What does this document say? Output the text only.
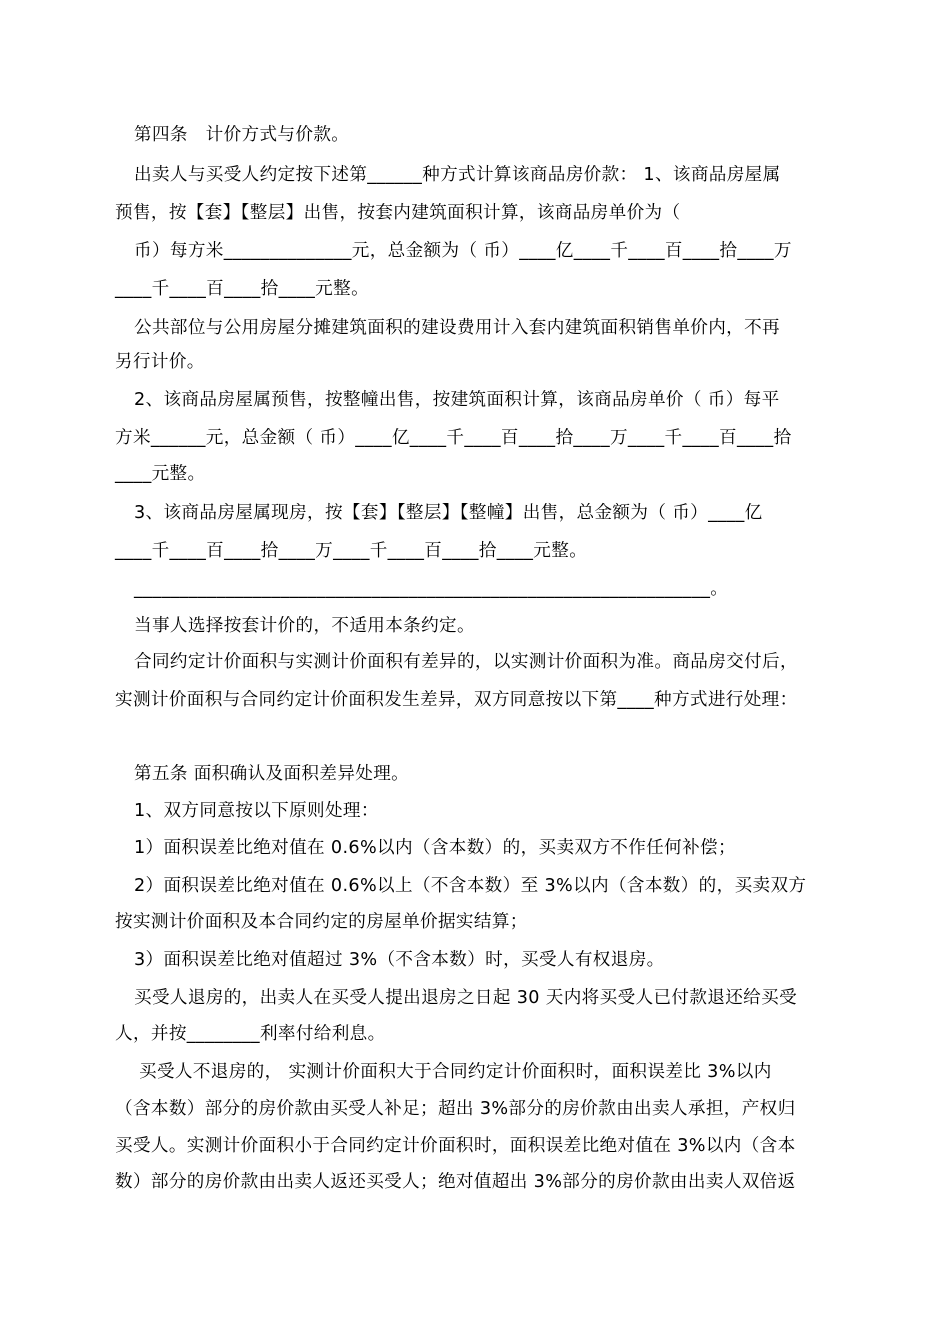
第四条   计价方式与价款。
出卖人与买受人约定按下述第______种方式计算该商品房价款： 1、该商品房屋属
预售，按【套】【整层】出售，按套内建筑面积计算，该商品房单价为（
币）每方米______________元，总金额为（ 币）____亿____千____百____拾____万
____千____百____拾____元整。
公共部位与公用房屋分摊建筑面积的建设费用计入套内建筑面积销售单价内，不再
另行计价。
2、该商品房屋属预售，按整幢出售，按建筑面积计算，该商品房单价（ 币）每平
方米______元，总金额（ 币）____亿____千____百____拾____万____千____百____拾
____元整。
3、该商品房屋属现房，按【套】【整层】【整幢】出售，总金额为（ 币）____亿
____千____百____拾____万____千____百____拾____元整。
_______________________________________________________________。
当事人选择按套计价的，不适用本条约定。
合同约定计价面积与实测计价面积有差异的，以实测计价面积为准。商品房交付后，
实测计价面积与合同约定计价面积发生差异，双方同意按以下第____种方式进行处理：
第五条 面积确认及面积差异处理。
1、双方同意按以下原则处理：
1）面积误差比绝对值在 0.6%以内（含本数）的，买卖双方不作任何补偿；
2）面积误差比绝对值在 0.6%以上（不含本数）至 3%以内（含本数）的，买卖双方
按实测计价面积及本合同约定的房屋单价据实结算；
3）面积误差比绝对值超过 3%（不含本数）时，买受人有权退房。
买受人退房的，出卖人在买受人提出退房之日起 30 天内将买受人已付款退还给买受
人，并按________利率付给利息。
买受人不退房的， 实测计价面积大于合同约定计价面积时，面积误差比 3%以内
（含本数）部分的房价款由买受人补足；超出 3%部分的房价款由出卖人承担，产权归
买受人。实测计价面积小于合同约定计价面积时，面积误差比绝对值在 3%以内（含本
数）部分的房价款由出卖人返还买受人；绝对值超出 3%部分的房价款由出卖人双倍返
